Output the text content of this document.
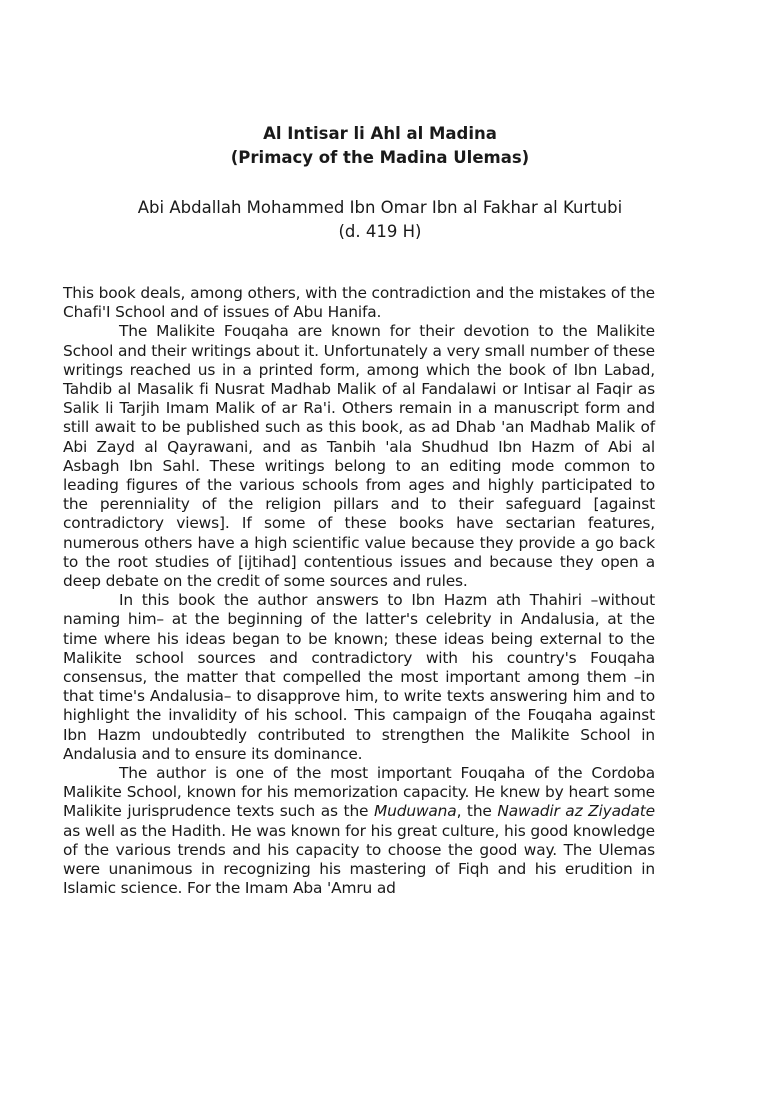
Al Intisar li Ahl al Madina
(Primacy of the Madina Ulemas)
Abi Abdallah Mohammed Ibn Omar Ibn al Fakhar al Kurtubi
(d. 419 H)

This book deals, among others, with the contradiction and the mistakes of the Chafi'I School and of issues of Abu Hanifa.

The Malikite Fouqaha are known for their devotion to the Malikite School and their writings about it. Unfortunately a very small number of these writings reached us in a printed form, among which the book of Ibn Labad, Tahdib al Masalik fi Nusrat Madhab Malik of al Fandalawi or Intisar al Faqir as Salik li Tarjih Imam Malik of ar Ra'i. Others remain in a manuscript form and still await to be published such as this book, as ad Dhab 'an Madhab Malik of Abi Zayd al Qayrawani, and as Tanbih 'ala Shudhud Ibn Hazm of Abi al Asbagh Ibn Sahl. These writings belong to an editing mode common to leading figures of the various schools from ages and highly participated to the perenniality of the religion pillars and to their safeguard [against contradictory views]. If some of these books have sectarian features, numerous others have a high scientific value because they provide a go back to the root studies of [ijtihad] contentious issues and because they open a deep debate on the credit of some sources and rules.

In this book the author answers to Ibn Hazm ath Thahiri –without naming him– at the beginning of the latter's celebrity in Andalusia, at the time where his ideas began to be known; these ideas being external to the Malikite school sources and contradictory with his country's Fouqaha consensus, the matter that compelled the most important among them –in that time's Andalusia– to disapprove him, to write texts answering him and to highlight the invalidity of his school. This campaign of the Fouqaha against Ibn Hazm undoubtedly contributed to strengthen the Malikite School in Andalusia and to ensure its dominance.

The author is one of the most important Fouqaha of the Cordoba Malikite School, known for his memorization capacity. He knew by heart some Malikite jurisprudence texts such as the Muduwana, the Nawadir az Ziyadate as well as the Hadith. He was known for his great culture, his good knowledge of the various trends and his capacity to choose the good way. The Ulemas were unanimous in recognizing his mastering of Fiqh and his erudition in Islamic science. For the Imam Aba 'Amru ad
